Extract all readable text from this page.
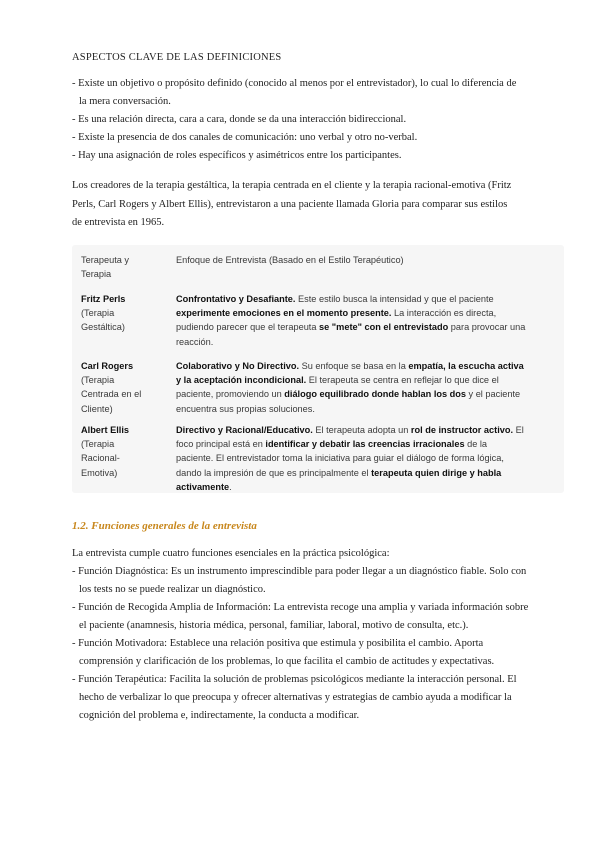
ASPECTOS CLAVE DE LAS DEFINICIONES
- Existe un objetivo o propósito definido (conocido al menos por el entrevistador), lo cual lo diferencia de
la mera conversación.
- Es una relación directa, cara a cara, donde se da una interacción bidireccional.
- Existe la presencia de dos canales de comunicación: uno verbal y otro no-verbal.
- Hay una asignación de roles específicos y asimétricos entre los participantes.
Los creadores de la terapia gestáltica, la terapia centrada en el cliente y la terapia racional-emotiva (Fritz
Perls, Carl Rogers y Albert Ellis), entrevistaron a una paciente llamada Gloria para comparar sus estilos
de entrevista en 1965.
Terapeuta y
Terapia
Enfoque de Entrevista (Basado en el Estilo Terapéutico)
Fritz Perls
(Terapia
Gestáltica)
Confrontativo y Desafiante. Este estilo busca la intensidad y que el paciente
experimente emociones en el momento presente. La interacción es directa,
pudiendo parecer que el terapeuta se "mete" con el entrevistado para provocar una
reacción.
Carl Rogers
(Terapia
Centrada en el
Cliente)
Colaborativo y No Directivo. Su enfoque se basa en la empatía, la escucha activa
y la aceptación incondicional. El terapeuta se centra en reflejar lo que dice el
paciente, promoviendo un diálogo equilibrado donde hablan los dos y el paciente
encuentra sus propias soluciones.
Albert Ellis
(Terapia
Racional-
Emotiva)
Directivo y Racional/Educativo. El terapeuta adopta un rol de instructor activo. El
foco principal está en identificar y debatir las creencias irracionales de la
paciente. El entrevistador toma la iniciativa para guiar el diálogo de forma lógica,
dando la impresión de que es principalmente el terapeuta quien dirige y habla
activamente.
1.2. Funciones generales de la entrevista
La entrevista cumple cuatro funciones esenciales en la práctica psicológica:
- Función Diagnóstica: Es un instrumento imprescindible para poder llegar a un diagnóstico fiable. Solo con
los tests no se puede realizar un diagnóstico.
- Función de Recogida Amplia de Información: La entrevista recoge una amplia y variada información sobre
el paciente (anamnesis, historia médica, personal, familiar, laboral, motivo de consulta, etc.).
- Función Motivadora: Establece una relación positiva que estimula y posibilita el cambio. Aporta
comprensión y clarificación de los problemas, lo que facilita el cambio de actitudes y expectativas.
- Función Terapéutica: Facilita la solución de problemas psicológicos mediante la interacción personal. El
hecho de verbalizar lo que preocupa y ofrecer alternativas y estrategias de cambio ayuda a modificar la
cognición del problema e, indirectamente, la conducta a modificar.
